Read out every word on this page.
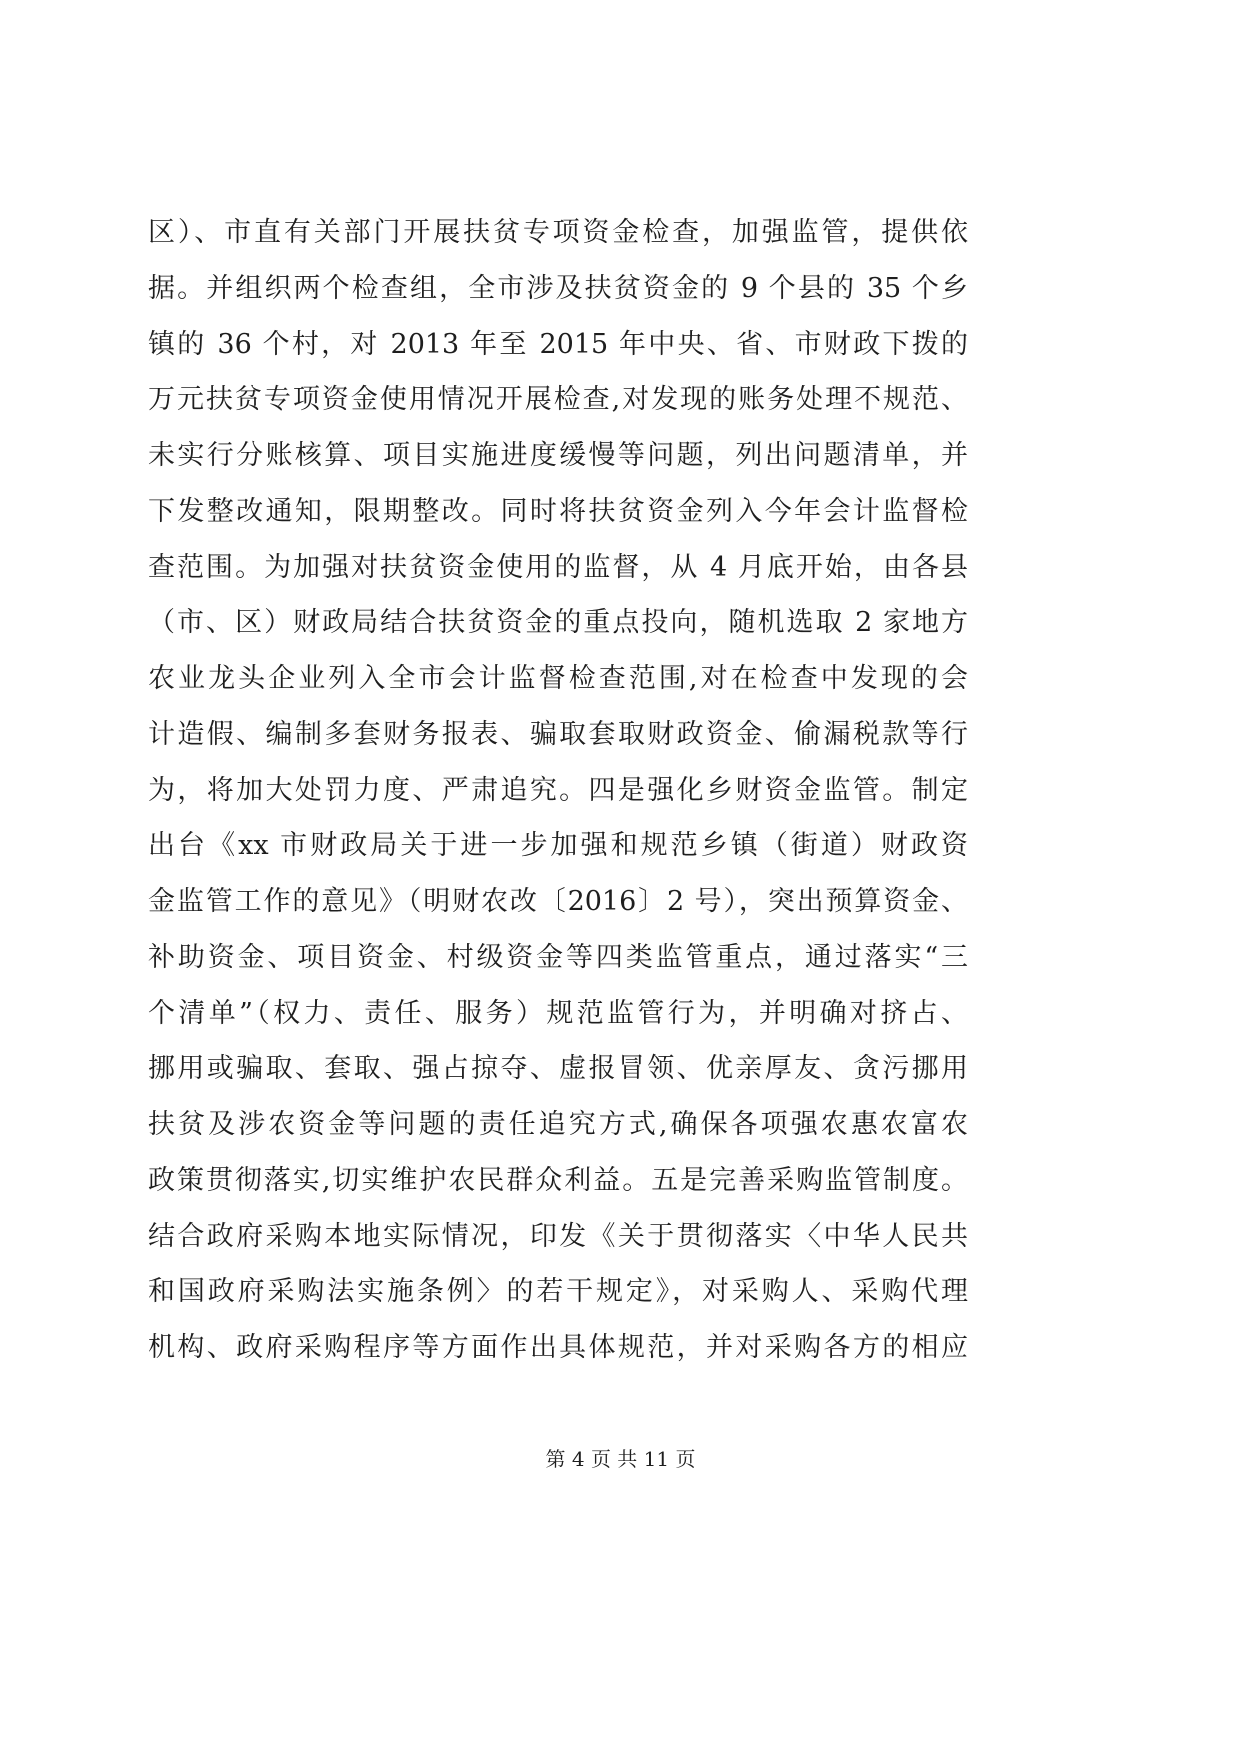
区）、市直有关部门开展扶贫专项资金检查，加强监管，提供依
据。并组织两个检查组，全市涉及扶贫资金的 9 个县的 35 个乡
镇的 36 个村，对 2013 年至 2015 年中央、省、市财政下拨的
万元扶贫专项资金使用情况开展检查,对发现的账务处理不规范、
未实行分账核算、项目实施进度缓慢等问题，列出问题清单，并
下发整改通知，限期整改。同时将扶贫资金列入今年会计监督检
查范围。为加强对扶贫资金使用的监督，从 4 月底开始，由各县
（市、区）财政局结合扶贫资金的重点投向，随机选取 2 家地方
农业龙头企业列入全市会计监督检查范围,对在检查中发现的会
计造假、编制多套财务报表、骗取套取财政资金、偷漏税款等行
为，将加大处罚力度、严肃追究。四是强化乡财资金监管。制定
出台《xx 市财政局关于进一步加强和规范乡镇（街道）财政资
金监管工作的意见》（明财农改〔2016〕2 号），突出预算资金、
补助资金、项目资金、村级资金等四类监管重点，通过落实“三
个清单”（权力、责任、服务）规范监管行为，并明确对挤占、
挪用或骗取、套取、强占掠夺、虚报冒领、优亲厚友、贪污挪用
扶贫及涉农资金等问题的责任追究方式,确保各项强农惠农富农
政策贯彻落实,切实维护农民群众利益。五是完善采购监管制度。
结合政府采购本地实际情况，印发《关于贯彻落实〈中华人民共
和国政府采购法实施条例〉的若干规定》，对采购人、采购代理
机构、政府采购程序等方面作出具体规范，并对采购各方的相应
第 4 页 共 11 页
